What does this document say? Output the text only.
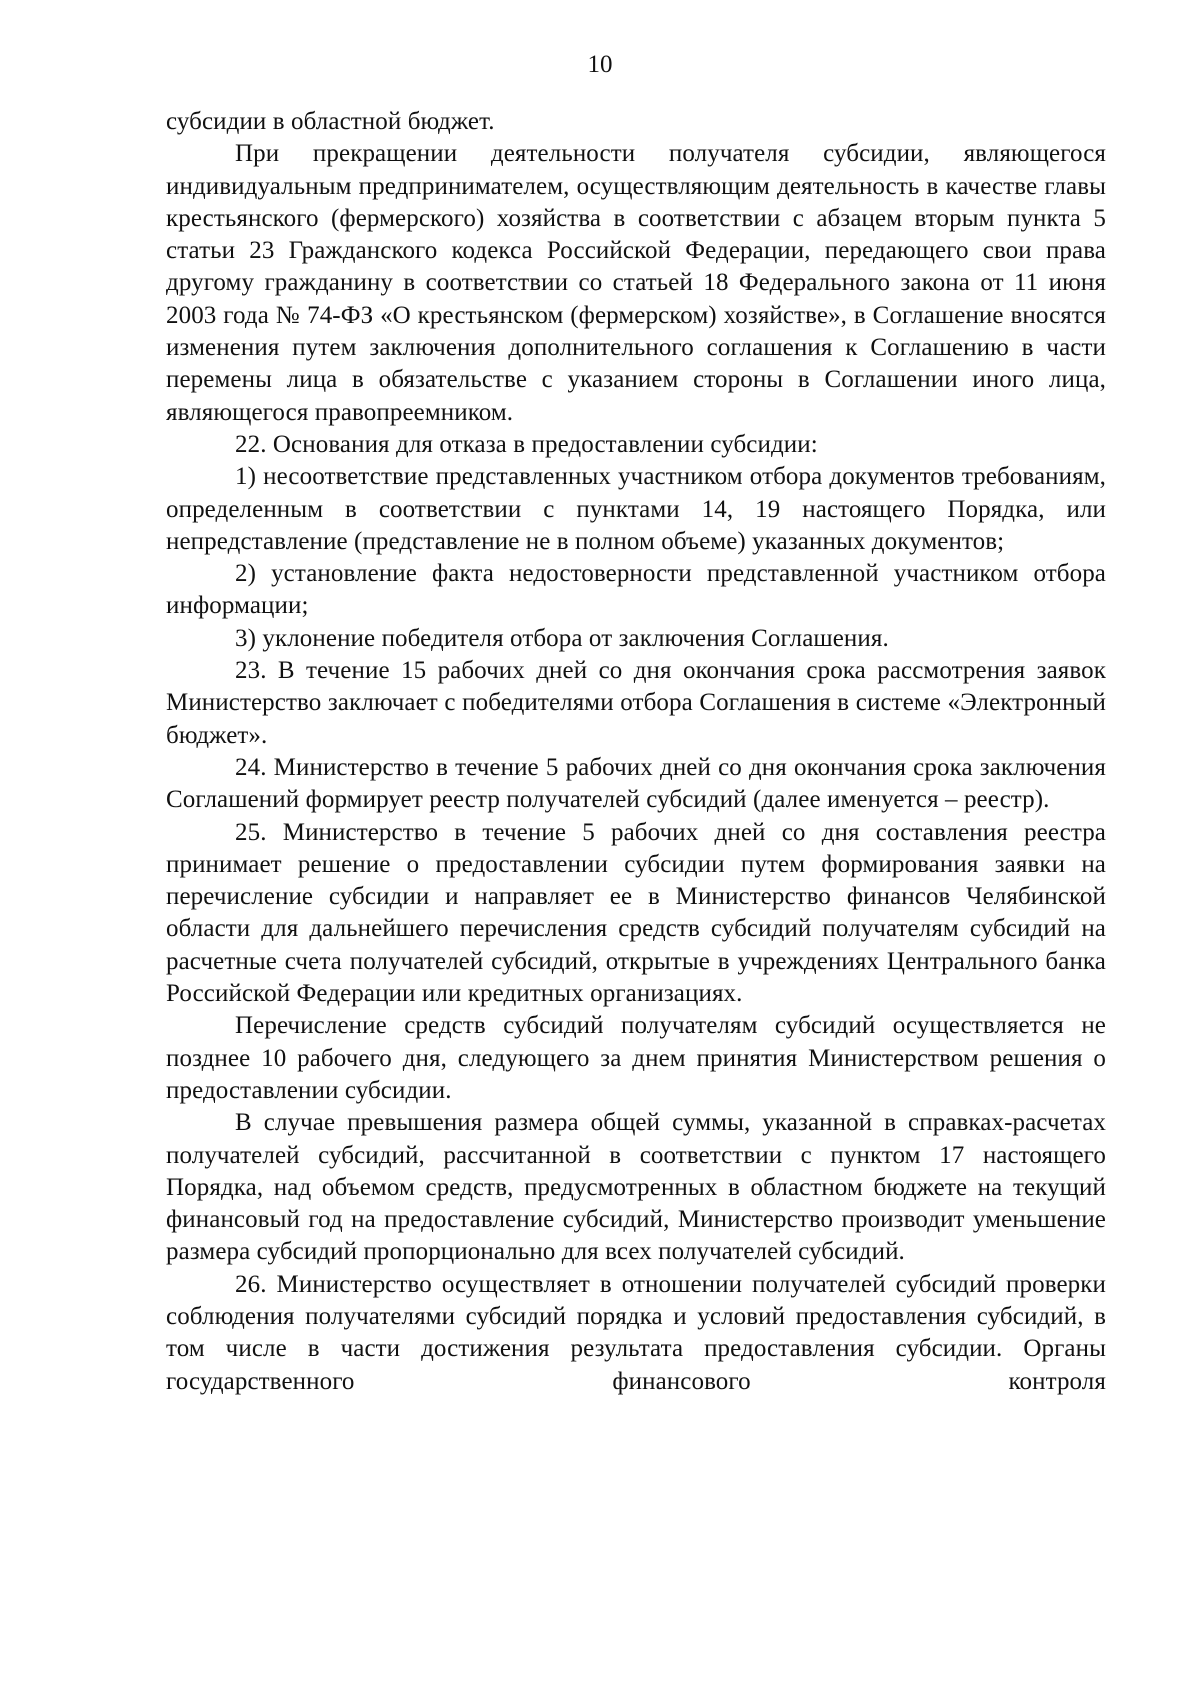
10

субсидии в областной бюджет.

При прекращении деятельности получателя субсидии, являющегося индивидуальным предпринимателем, осуществляющим деятельность в качестве главы крестьянского (фермерского) хозяйства в соответствии с абзацем вторым пункта 5 статьи 23 Гражданского кодекса Российской Федерации, передающего свои права другому гражданину в соответствии со статьей 18 Федерального закона от 11 июня 2003 года № 74-ФЗ «О крестьянском (фермерском) хозяйстве», в Соглашение вносятся изменения путем заключения дополнительного соглашения к Соглашению в части перемены лица в обязательстве с указанием стороны в Соглашении иного лица, являющегося правопреемником.

22. Основания для отказа в предоставлении субсидии:

1) несоответствие представленных участником отбора документов требованиям, определенным в соответствии с пунктами 14, 19 настоящего Порядка, или непредставление (представление не в полном объеме) указанных документов;

2) установление факта недостоверности представленной участником отбора информации;

3) уклонение победителя отбора от заключения Соглашения.

23. В течение 15 рабочих дней со дня окончания срока рассмотрения заявок Министерство заключает с победителями отбора Соглашения в системе «Электронный бюджет».

24. Министерство в течение 5 рабочих дней со дня окончания срока заключения Соглашений формирует реестр получателей субсидий (далее именуется – реестр).

25. Министерство в течение 5 рабочих дней со дня составления реестра принимает решение о предоставлении субсидии путем формирования заявки на перечисление субсидии и направляет ее в Министерство финансов Челябинской области для дальнейшего перечисления средств субсидий получателям субсидий на расчетные счета получателей субсидий, открытые в учреждениях Центрального банка Российской Федерации или кредитных организациях.

Перечисление средств субсидий получателям субсидий осуществляется не позднее 10 рабочего дня, следующего за днем принятия Министерством решения о предоставлении субсидии.

В случае превышения размера общей суммы, указанной в справках-расчетах получателей субсидий, рассчитанной в соответствии с пунктом 17 настоящего Порядка, над объемом средств, предусмотренных в областном бюджете на текущий финансовый год на предоставление субсидий, Министерство производит уменьшение размера субсидий пропорционально для всех получателей субсидий.

26. Министерство осуществляет в отношении получателей субсидий проверки соблюдения получателями субсидий порядка и условий предоставления субсидий, в том числе в части достижения результата предоставления субсидии. Органы государственного финансового контроля
